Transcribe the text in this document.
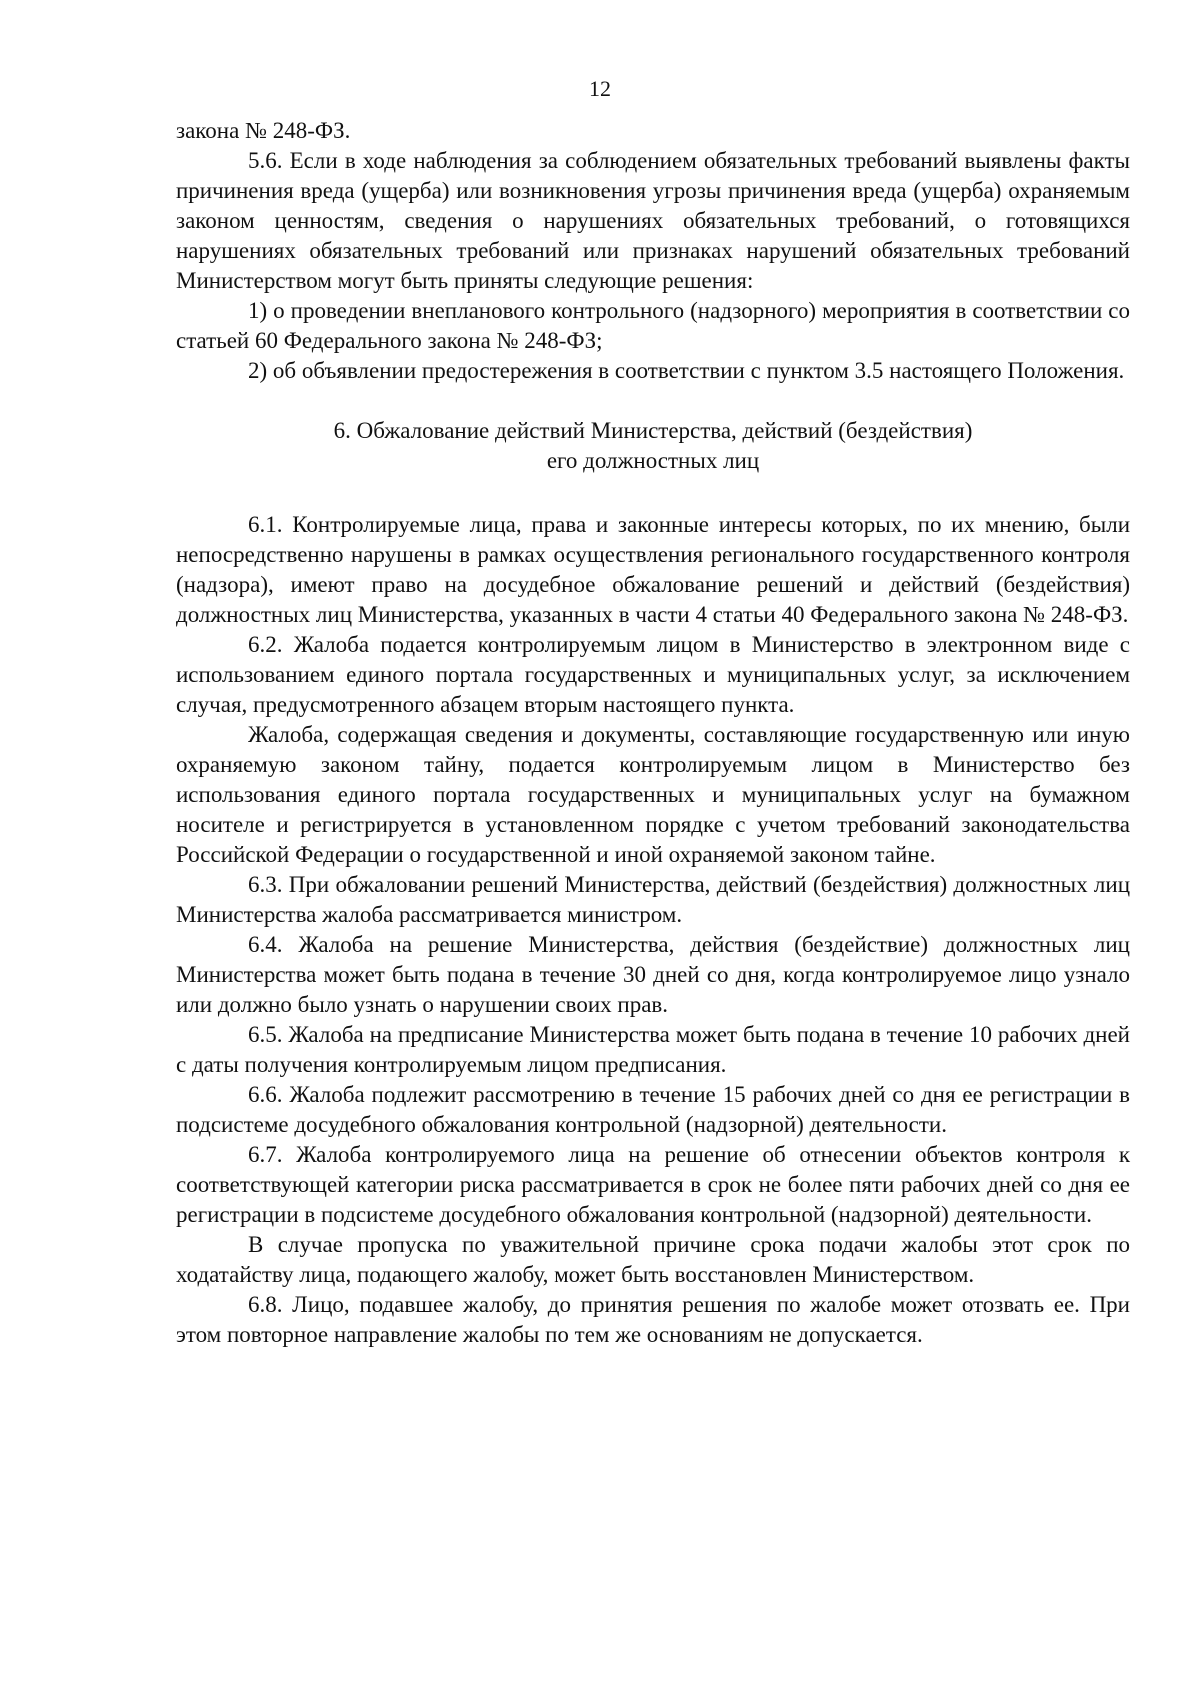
12

закона № 248-ФЗ.

5.6. Если в ходе наблюдения за соблюдением обязательных требований выявлены факты причинения вреда (ущерба) или возникновения угрозы причинения вреда (ущерба) охраняемым законом ценностям, сведения о нарушениях обязательных требований, о готовящихся нарушениях обязательных требований или признаках нарушений обязательных требований Министерством могут быть приняты следующие решения:

1) о проведении внепланового контрольного (надзорного) мероприятия в соответствии со статьей 60 Федерального закона № 248-ФЗ;

2) об объявлении предостережения в соответствии с пунктом 3.5 настоящего Положения.

6. Обжалование действий Министерства, действий (бездействия)

его должностных лиц

6.1. Контролируемые лица, права и законные интересы которых, по их мнению, были непосредственно нарушены в рамках осуществления регионального государственного контроля (надзора), имеют право на досудебное обжалование решений и действий (бездействия) должностных лиц Министерства, указанных в части 4 статьи 40 Федерального закона № 248-ФЗ.

6.2. Жалоба подается контролируемым лицом в Министерство в электронном виде с использованием единого портала государственных и муниципальных услуг, за исключением случая, предусмотренного абзацем вторым настоящего пункта.

Жалоба, содержащая сведения и документы, составляющие государственную или иную охраняемую законом тайну, подается контролируемым лицом в Министерство без использования единого портала государственных и муниципальных услуг на бумажном носителе и регистрируется в установленном порядке с учетом требований законодательства Российской Федерации о государственной и иной охраняемой законом тайне.

6.3. При обжаловании решений Министерства, действий (бездействия) должностных лиц Министерства жалоба рассматривается министром.

6.4. Жалоба на решение Министерства, действия (бездействие) должностных лиц Министерства может быть подана в течение 30 дней со дня, когда контролируемое лицо узнало или должно было узнать о нарушении своих прав.

6.5. Жалоба на предписание Министерства может быть подана в течение 10 рабочих дней с даты получения контролируемым лицом предписания.

6.6. Жалоба подлежит рассмотрению в течение 15 рабочих дней со дня ее регистрации в подсистеме досудебного обжалования контрольной (надзорной) деятельности.

6.7. Жалоба контролируемого лица на решение об отнесении объектов контроля к соответствующей категории риска рассматривается в срок не более пяти рабочих дней со дня ее регистрации в подсистеме досудебного обжалования контрольной (надзорной) деятельности.

В случае пропуска по уважительной причине срока подачи жалобы этот срок по ходатайству лица, подающего жалобу, может быть восстановлен Министерством.

6.8. Лицо, подавшее жалобу, до принятия решения по жалобе может отозвать ее. При этом повторное направление жалобы по тем же основаниям не допускается.
